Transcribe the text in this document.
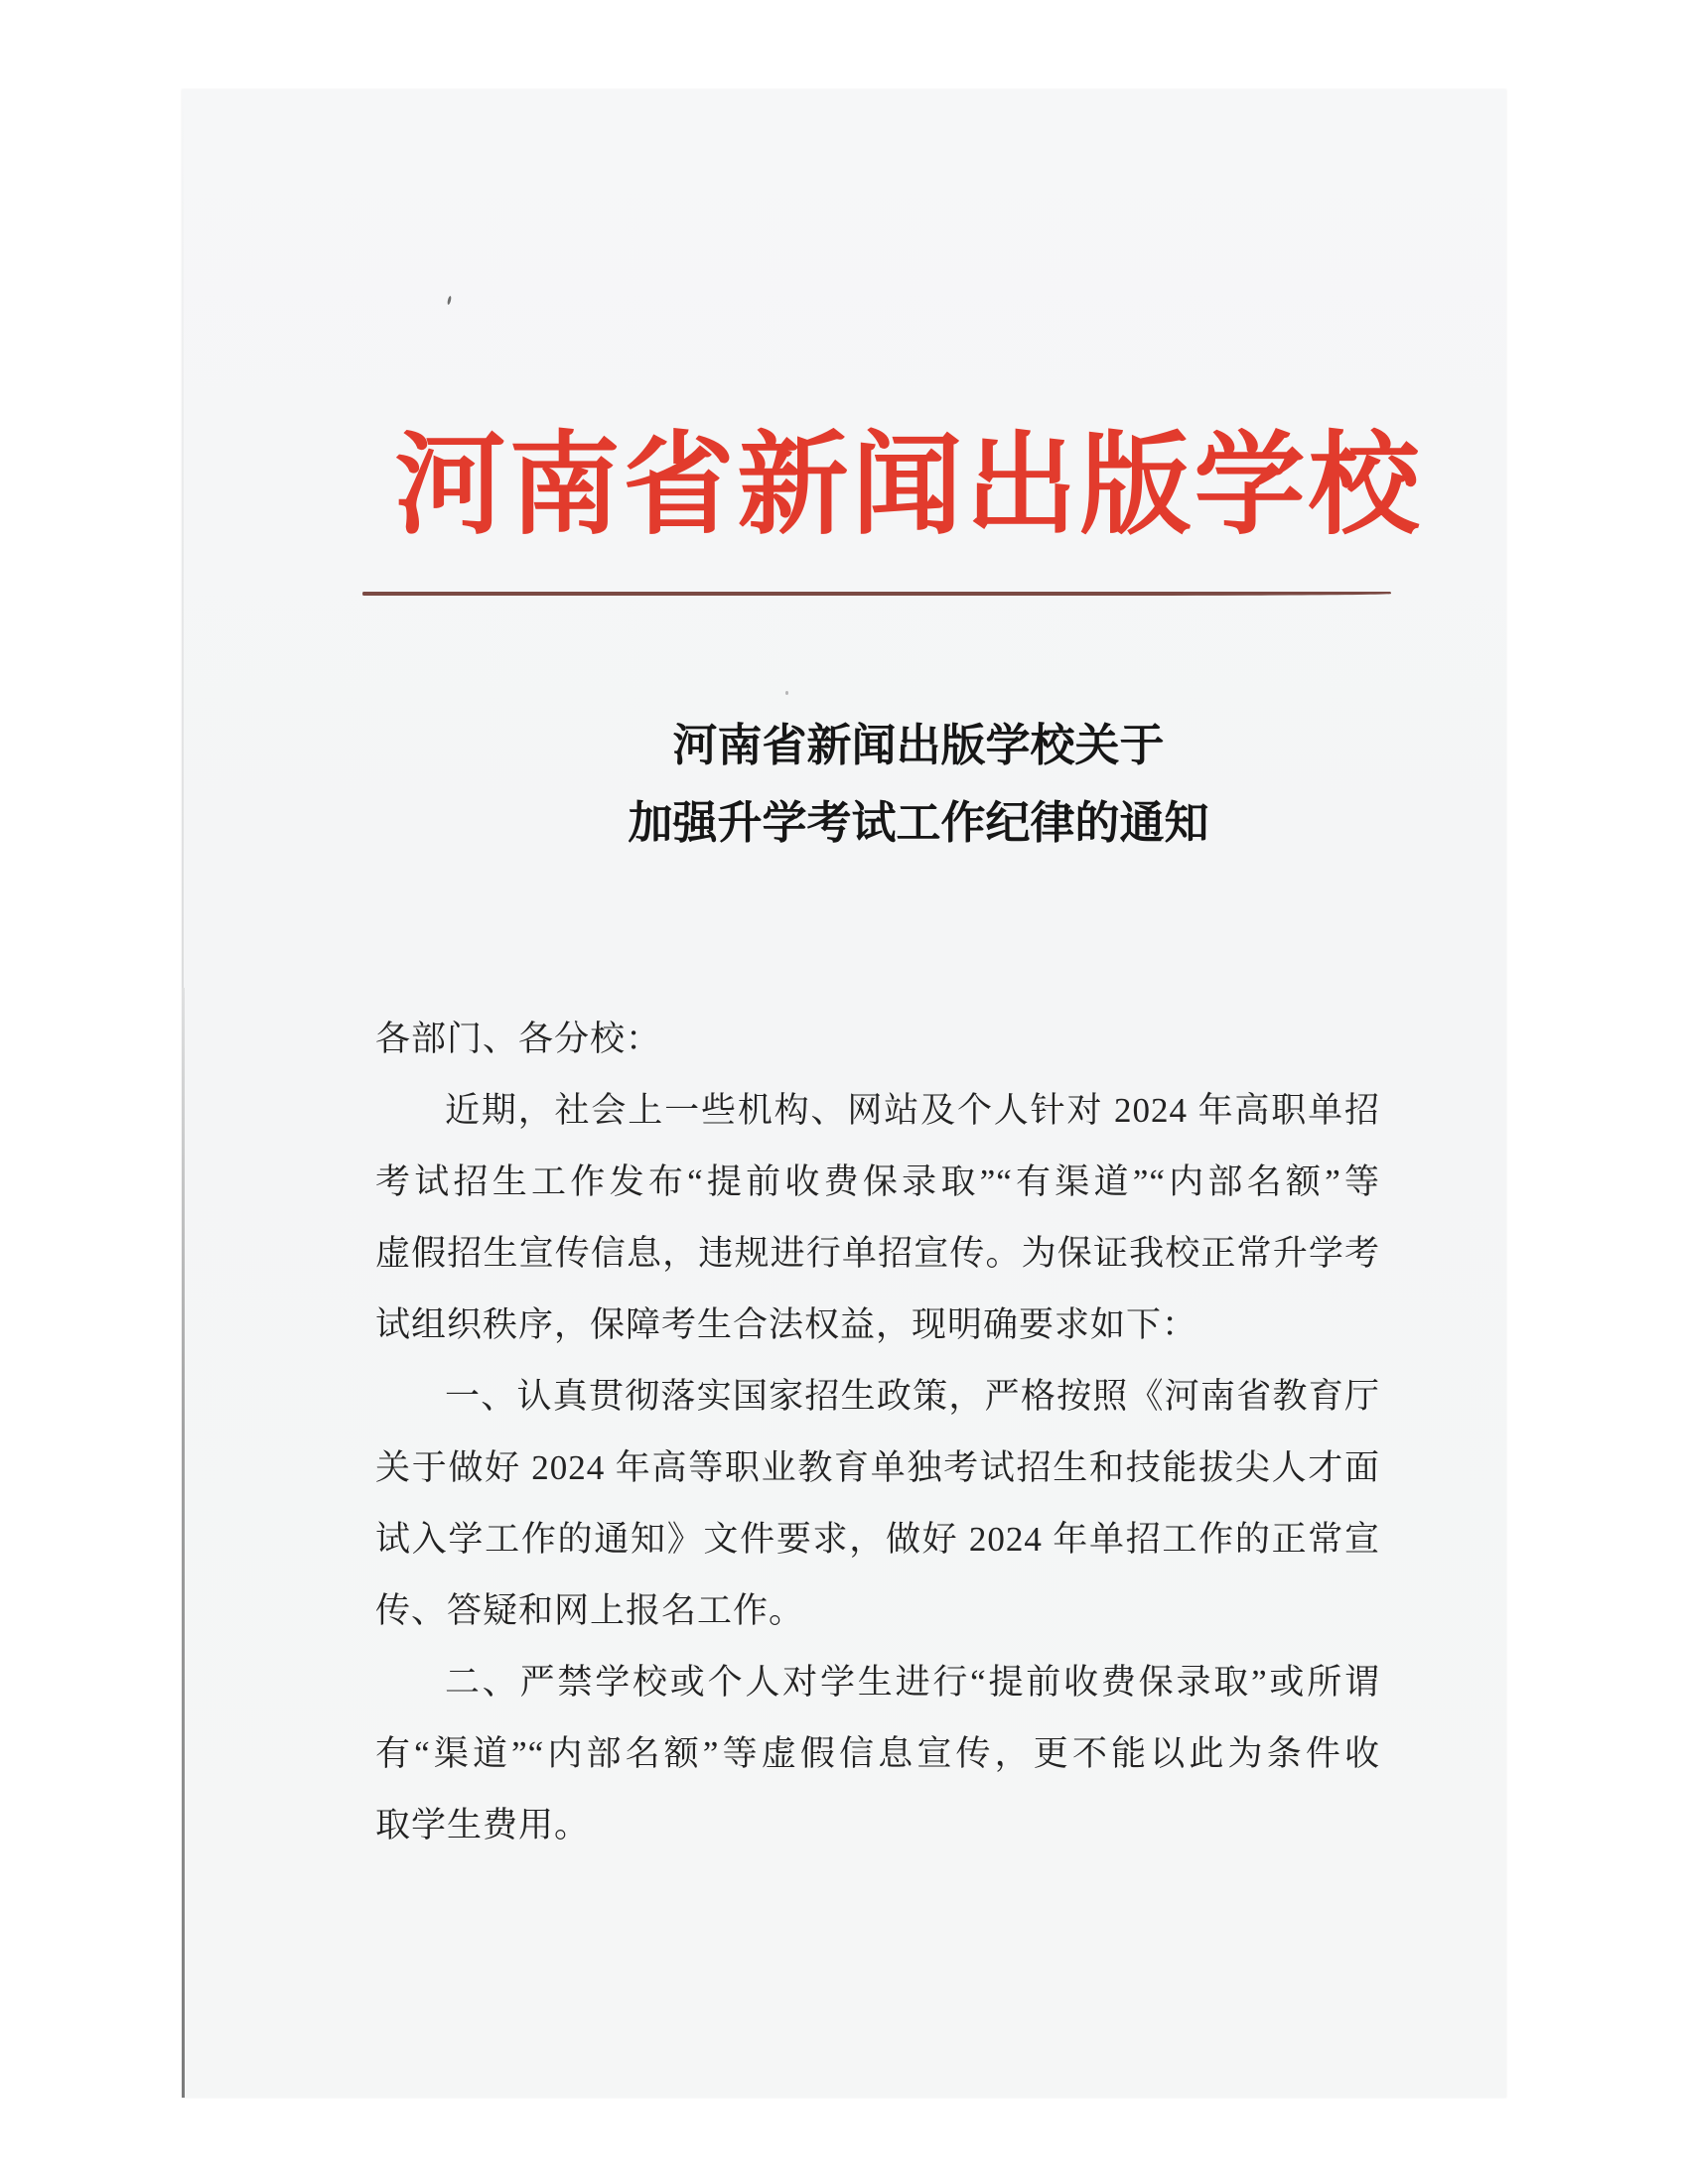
河南省新闻出版学校
河南省新闻出版学校关于
加强升学考试工作纪律的通知
各部门、各分校：
近期，社会上一些机构、网站及个人针对 2024 年高职单招
考试招生工作发布“提前收费保录取”“有渠道”“内部名额”等
虚假招生宣传信息，违规进行单招宣传。为保证我校正常升学考
试组织秩序，保障考生合法权益，现明确要求如下：
一、认真贯彻落实国家招生政策，严格按照《河南省教育厅
关于做好 2024 年高等职业教育单独考试招生和技能拔尖人才面
试入学工作的通知》文件要求，做好 2024 年单招工作的正常宣
传、答疑和网上报名工作。
二、严禁学校或个人对学生进行“提前收费保录取”或所谓
有“渠道”“内部名额”等虚假信息宣传，更不能以此为条件收
取学生费用。
